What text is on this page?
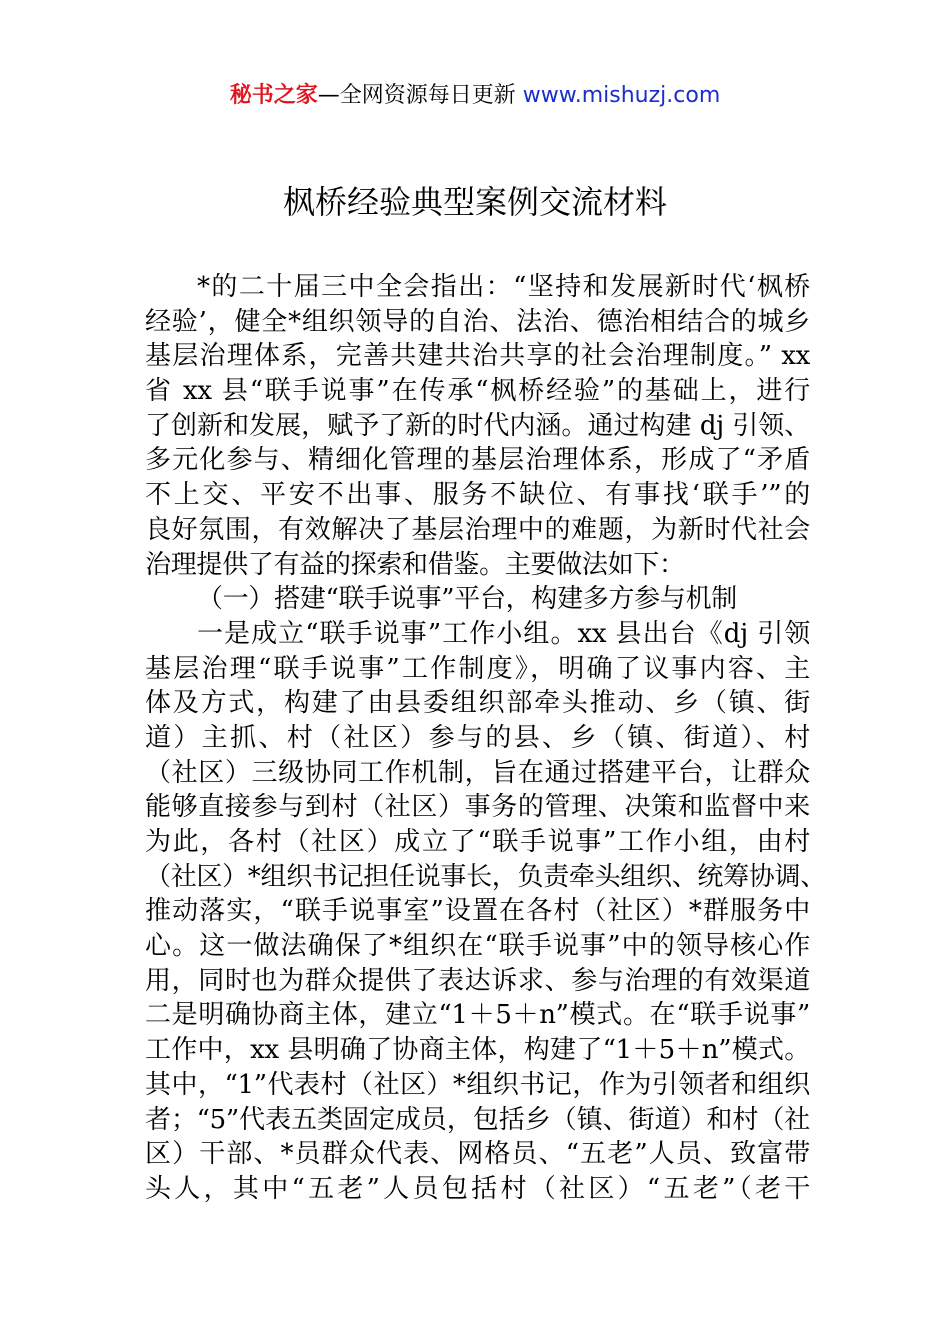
秘书之家—全网资源每日更新 www.mishuzj.com
枫桥经验典型案例交流材料
*的二十届三中全会指出：“坚持和发展新时代‘枫桥
经验’，健全*组织领导的自治、法治、德治相结合的城乡
基层治理体系，完善共建共治共享的社会治理制度。” xx
省 xx 县“联手说事”在传承“枫桥经验”的基础上，进行
了创新和发展，赋予了新的时代内涵。通过构建 dj 引领、
多元化参与、精细化管理的基层治理体系，形成了“矛盾
不上交、平安不出事、服务不缺位、有事找‘联手’”的
良好氛围，有效解决了基层治理中的难题，为新时代社会
治理提供了有益的探索和借鉴。主要做法如下：
（一）搭建“联手说事”平台，构建多方参与机制
一是成立“联手说事”工作小组。xx 县出台《dj 引领
基层治理“联手说事”工作制度》，明确了议事内容、主
体及方式，构建了由县委组织部牵头推动、乡（镇、街
道）主抓、村（社区）参与的县、乡（镇、街道）、村
（社区）三级协同工作机制，旨在通过搭建平台，让群众
能够直接参与到村（社区）事务的管理、决策和监督中来
为此，各村（社区）成立了“联手说事”工作小组，由村
（社区）*组织书记担任说事长，负责牵头组织、统筹协调、
推动落实，“联手说事室”设置在各村（社区）*群服务中
心。这一做法确保了*组织在“联手说事”中的领导核心作
用，同时也为群众提供了表达诉求、参与治理的有效渠道
二是明确协商主体，建立“1＋5＋n”模式。在“联手说事”
工作中，xx 县明确了协商主体，构建了“1＋5＋n”模式。
其中，“1”代表村（社区）*组织书记，作为引领者和组织
者；“5”代表五类固定成员，包括乡（镇、街道）和村（社
区）干部、*员群众代表、网格员、“五老”人员、致富带
头人，其中“五老”人员包括村（社区）“五老”（老干
